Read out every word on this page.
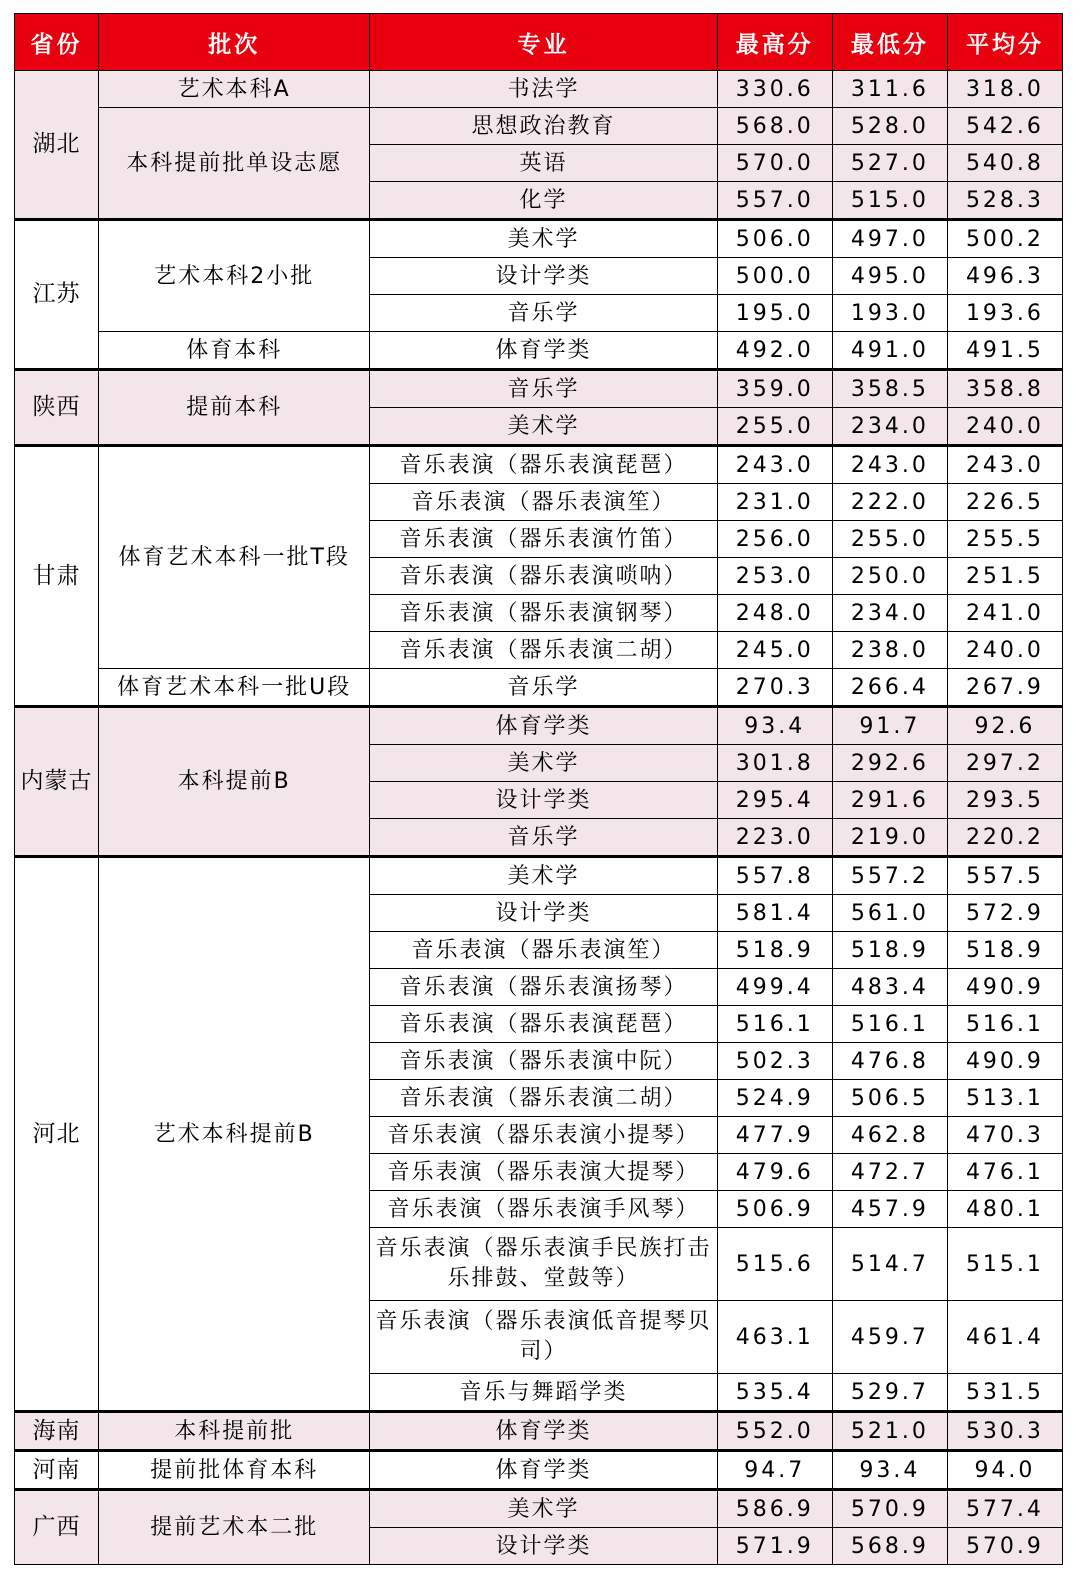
省份	批次	专业	最高分	最低分	平均分
湖北	艺术本科A	书法学	330.6	311.6	318.0
	本科提前批单设志愿	思想政治教育	568.0	528.0	542.6
		英语	570.0	527.0	540.8
		化学	557.0	515.0	528.3
江苏	艺术本科2小批	美术学	506.0	497.0	500.2
		设计学类	500.0	495.0	496.3
		音乐学	195.0	193.0	193.6
	体育本科	体育学类	492.0	491.0	491.5
陕西	提前本科	音乐学	359.0	358.5	358.8
		美术学	255.0	234.0	240.0
甘肃	体育艺术本科一批T段	音乐表演（器乐表演琵琶）	243.0	243.0	243.0
		音乐表演（器乐表演笙）	231.0	222.0	226.5
		音乐表演（器乐表演竹笛）	256.0	255.0	255.5
		音乐表演（器乐表演唢呐）	253.0	250.0	251.5
		音乐表演（器乐表演钢琴）	248.0	234.0	241.0
		音乐表演（器乐表演二胡）	245.0	238.0	240.0
	体育艺术本科一批U段	音乐学	270.3	266.4	267.9
内蒙古	本科提前B	体育学类	93.4	91.7	92.6
		美术学	301.8	292.6	297.2
		设计学类	295.4	291.6	293.5
		音乐学	223.0	219.0	220.2
河北	艺术本科提前B	美术学	557.8	557.2	557.5
		设计学类	581.4	561.0	572.9
		音乐表演（器乐表演笙）	518.9	518.9	518.9
		音乐表演（器乐表演扬琴）	499.4	483.4	490.9
		音乐表演（器乐表演琵琶）	516.1	516.1	516.1
		音乐表演（器乐表演中阮）	502.3	476.8	490.9
		音乐表演（器乐表演二胡）	524.9	506.5	513.1
		音乐表演（器乐表演小提琴）	477.9	462.8	470.3
		音乐表演（器乐表演大提琴）	479.6	472.7	476.1
		音乐表演（器乐表演手风琴）	506.9	457.9	480.1
		音乐表演（器乐表演手民族打击乐排鼓、堂鼓等）	515.6	514.7	515.1
		音乐表演（器乐表演低音提琴贝司）	463.1	459.7	461.4
		音乐与舞蹈学类	535.4	529.7	531.5
海南	本科提前批	体育学类	552.0	521.0	530.3
河南	提前批体育本科	体育学类	94.7	93.4	94.0
广西	提前艺术本二批	美术学	586.9	570.9	577.4
		设计学类	571.9	568.9	570.9
